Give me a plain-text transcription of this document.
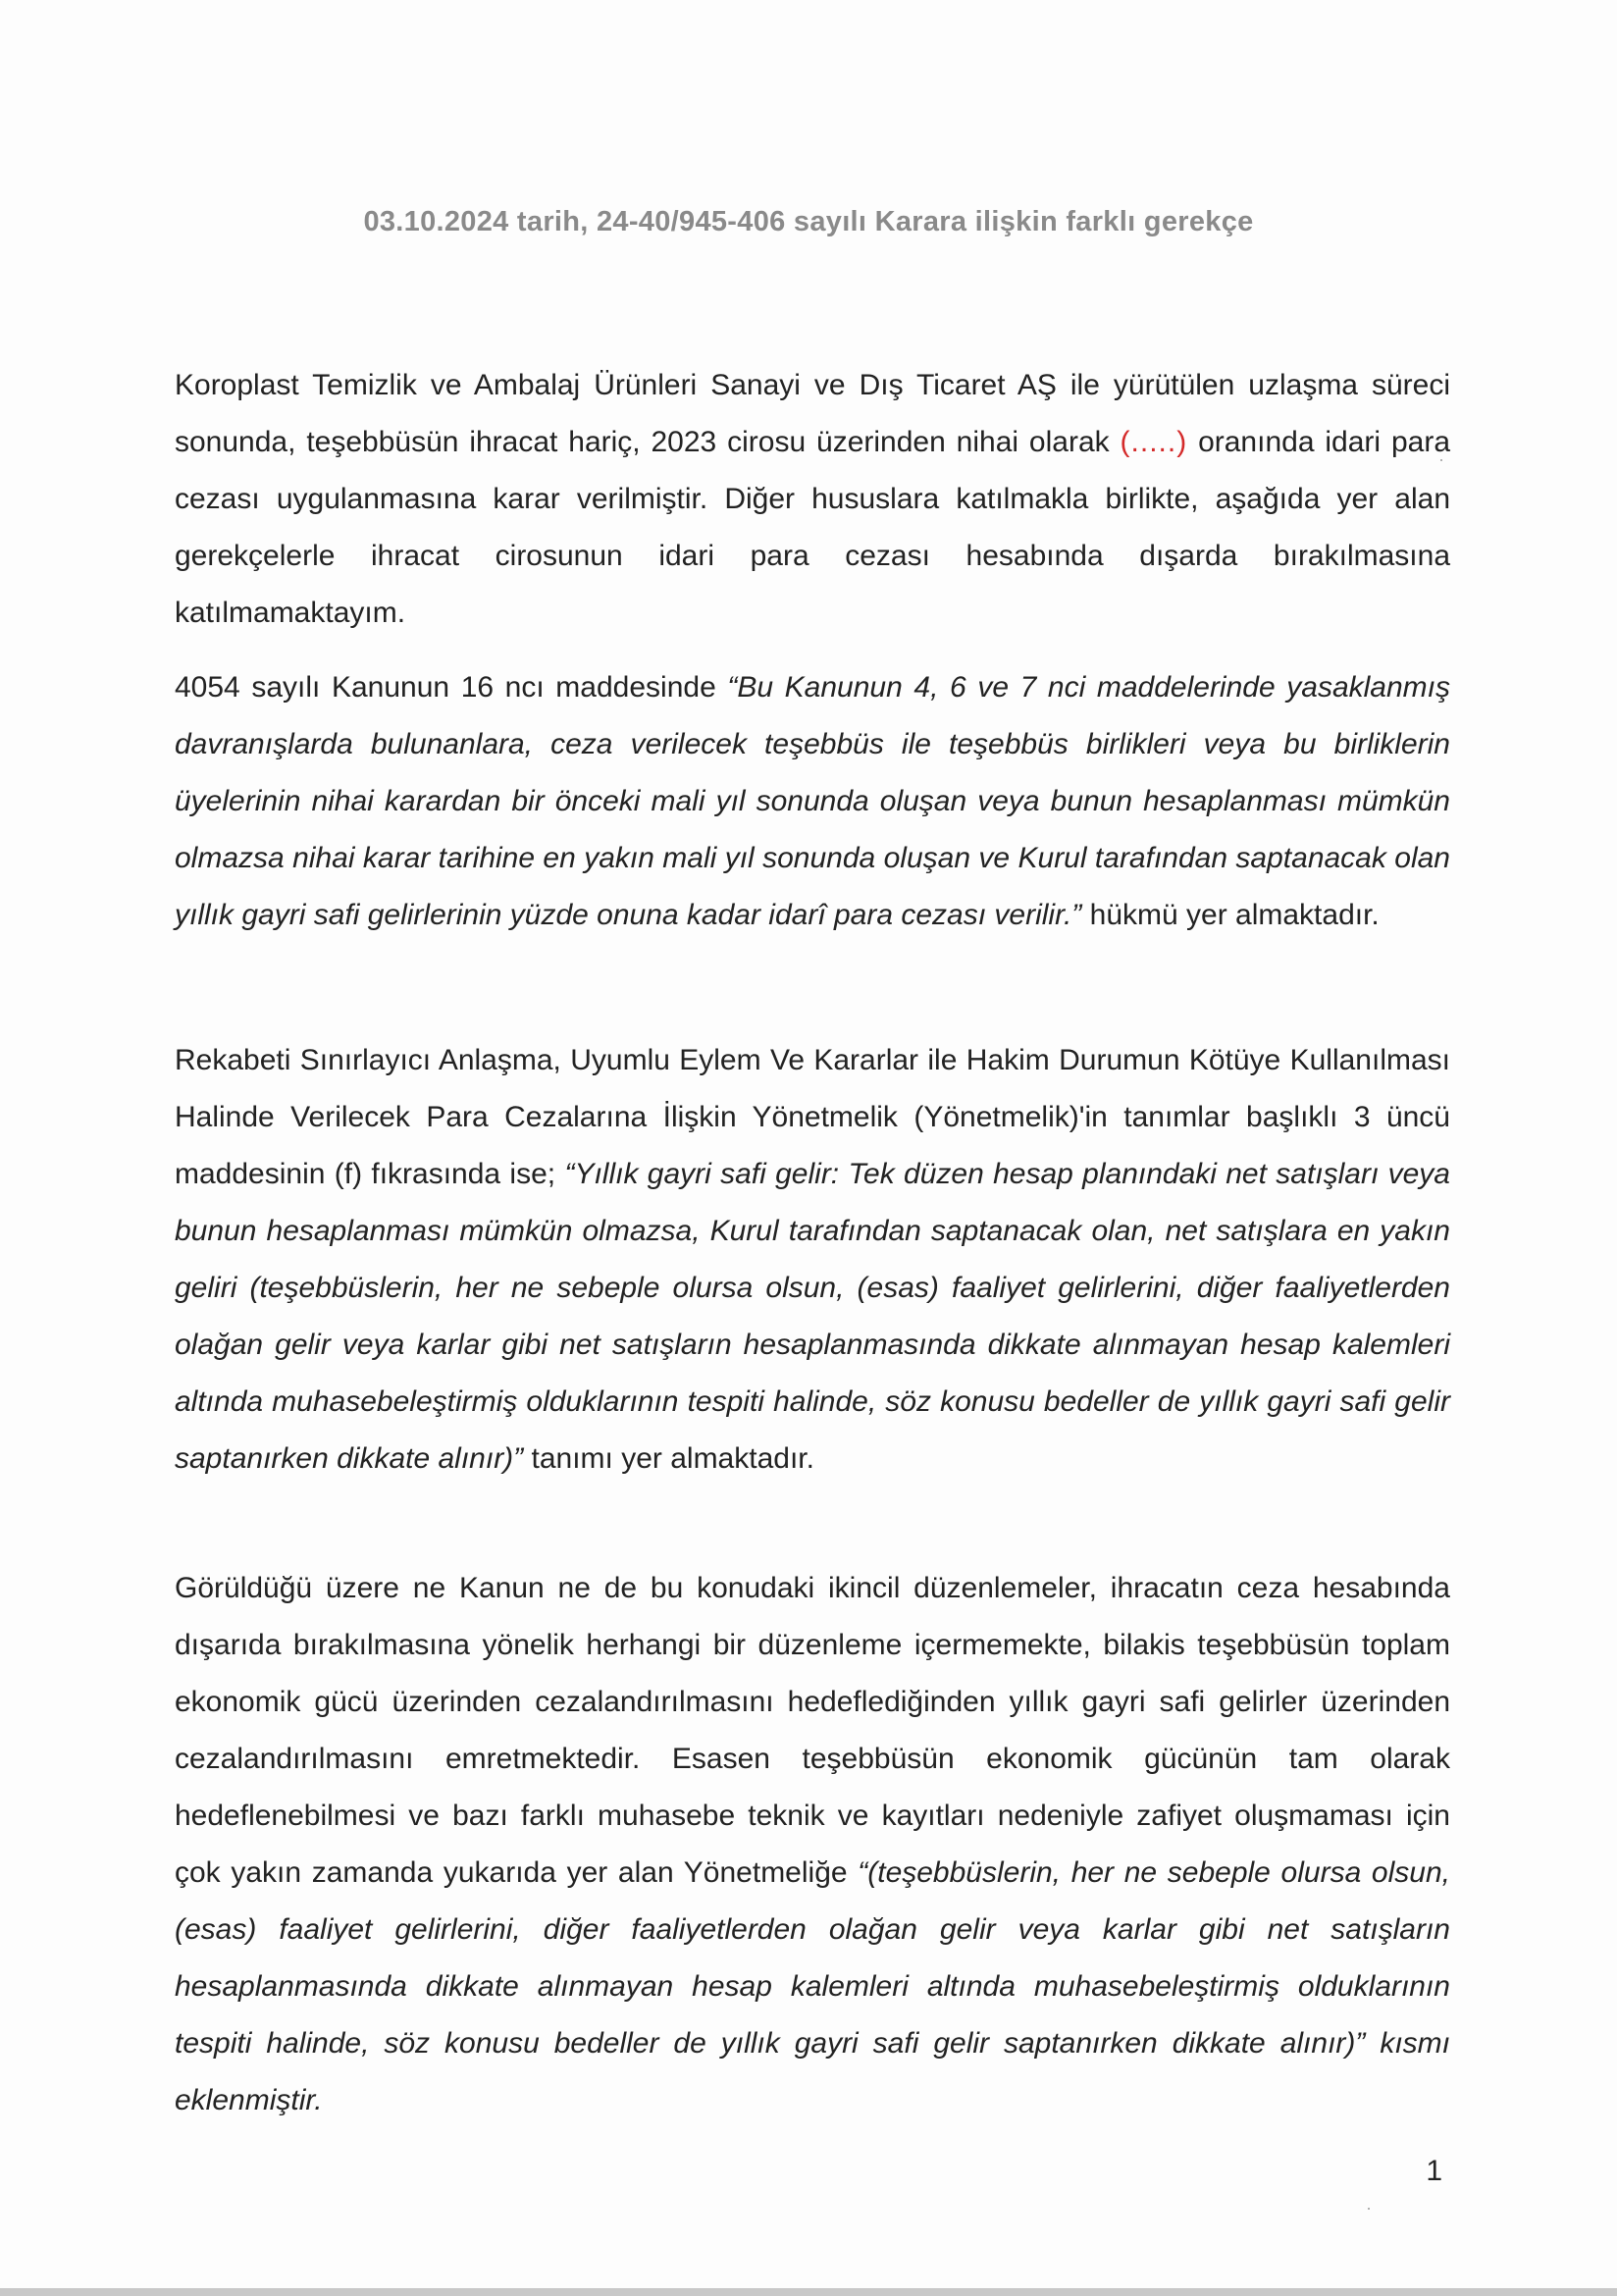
03.10.2024 tarih, 24-40/945-406 sayılı Karara ilişkin farklı gerekçe
Koroplast Temizlik ve Ambalaj Ürünleri Sanayi ve Dış Ticaret AŞ ile yürütülen uzlaşma süreci sonunda, teşebbüsün ihracat hariç, 2023 cirosu üzerinden nihai olarak (.....) oranında idari para cezası uygulanmasına karar verilmiştir. Diğer hususlara katılmakla birlikte, aşağıda yer alan gerekçelerle ihracat cirosunun idari para cezası hesabında dışarda bırakılmasına katılmamaktayım.
4054 sayılı Kanunun 16 ncı maddesinde “Bu Kanunun 4, 6 ve 7 nci maddelerinde yasaklanmış davranışlarda bulunanlara, ceza verilecek teşebbüs ile teşebbüs birlikleri veya bu birliklerin üyelerinin nihai karardan bir önceki mali yıl sonunda oluşan veya bunun hesaplanması mümkün olmazsa nihai karar tarihine en yakın mali yıl sonunda oluşan ve Kurul tarafından saptanacak olan yıllık gayri safi gelirlerinin yüzde onuna kadar idarî para cezası verilir.” hükmü yer almaktadır.
Rekabeti Sınırlayıcı Anlaşma, Uyumlu Eylem Ve Kararlar ile Hakim Durumun Kötüye Kullanılması Halinde Verilecek Para Cezalarına İlişkin Yönetmelik (Yönetmelik)'in tanımlar başlıklı 3 üncü maddesinin (f) fıkrasında ise; “Yıllık gayri safi gelir: Tek düzen hesap planındaki net satışları veya bunun hesaplanması mümkün olmazsa, Kurul tarafından saptanacak olan, net satışlara en yakın geliri (teşebbüslerin, her ne sebeple olursa olsun, (esas) faaliyet gelirlerini, diğer faaliyetlerden olağan gelir veya karlar gibi net satışların hesaplanmasında dikkate alınmayan hesap kalemleri altında muhasebeleştirmiş olduklarının tespiti halinde, söz konusu bedeller de yıllık gayri safi gelir saptanırken dikkate alınır)” tanımı yer almaktadır.
Görüldüğü üzere ne Kanun ne de bu konudaki ikincil düzenlemeler, ihracatın ceza hesabında dışarıda bırakılmasına yönelik herhangi bir düzenleme içermemekte, bilakis teşebbüsün toplam ekonomik gücü üzerinden cezalandırılmasını hedeflediğinden yıllık gayri safi gelirler üzerinden cezalandırılmasını emretmektedir. Esasen teşebbüsün ekonomik gücünün tam olarak hedeflenebilmesi ve bazı farklı muhasebe teknik ve kayıtları nedeniyle zafiyet oluşmaması için çok yakın zamanda yukarıda yer alan Yönetmeliğe “(teşebbüslerin, her ne sebeple olursa olsun, (esas) faaliyet gelirlerini, diğer faaliyetlerden olağan gelir veya karlar gibi net satışların hesaplanmasında dikkate alınmayan hesap kalemleri altında muhasebeleştirmiş olduklarının tespiti halinde, söz konusu bedeller de yıllık gayri safi gelir saptanırken dikkate alınır)” kısmı eklenmiştir.
1
